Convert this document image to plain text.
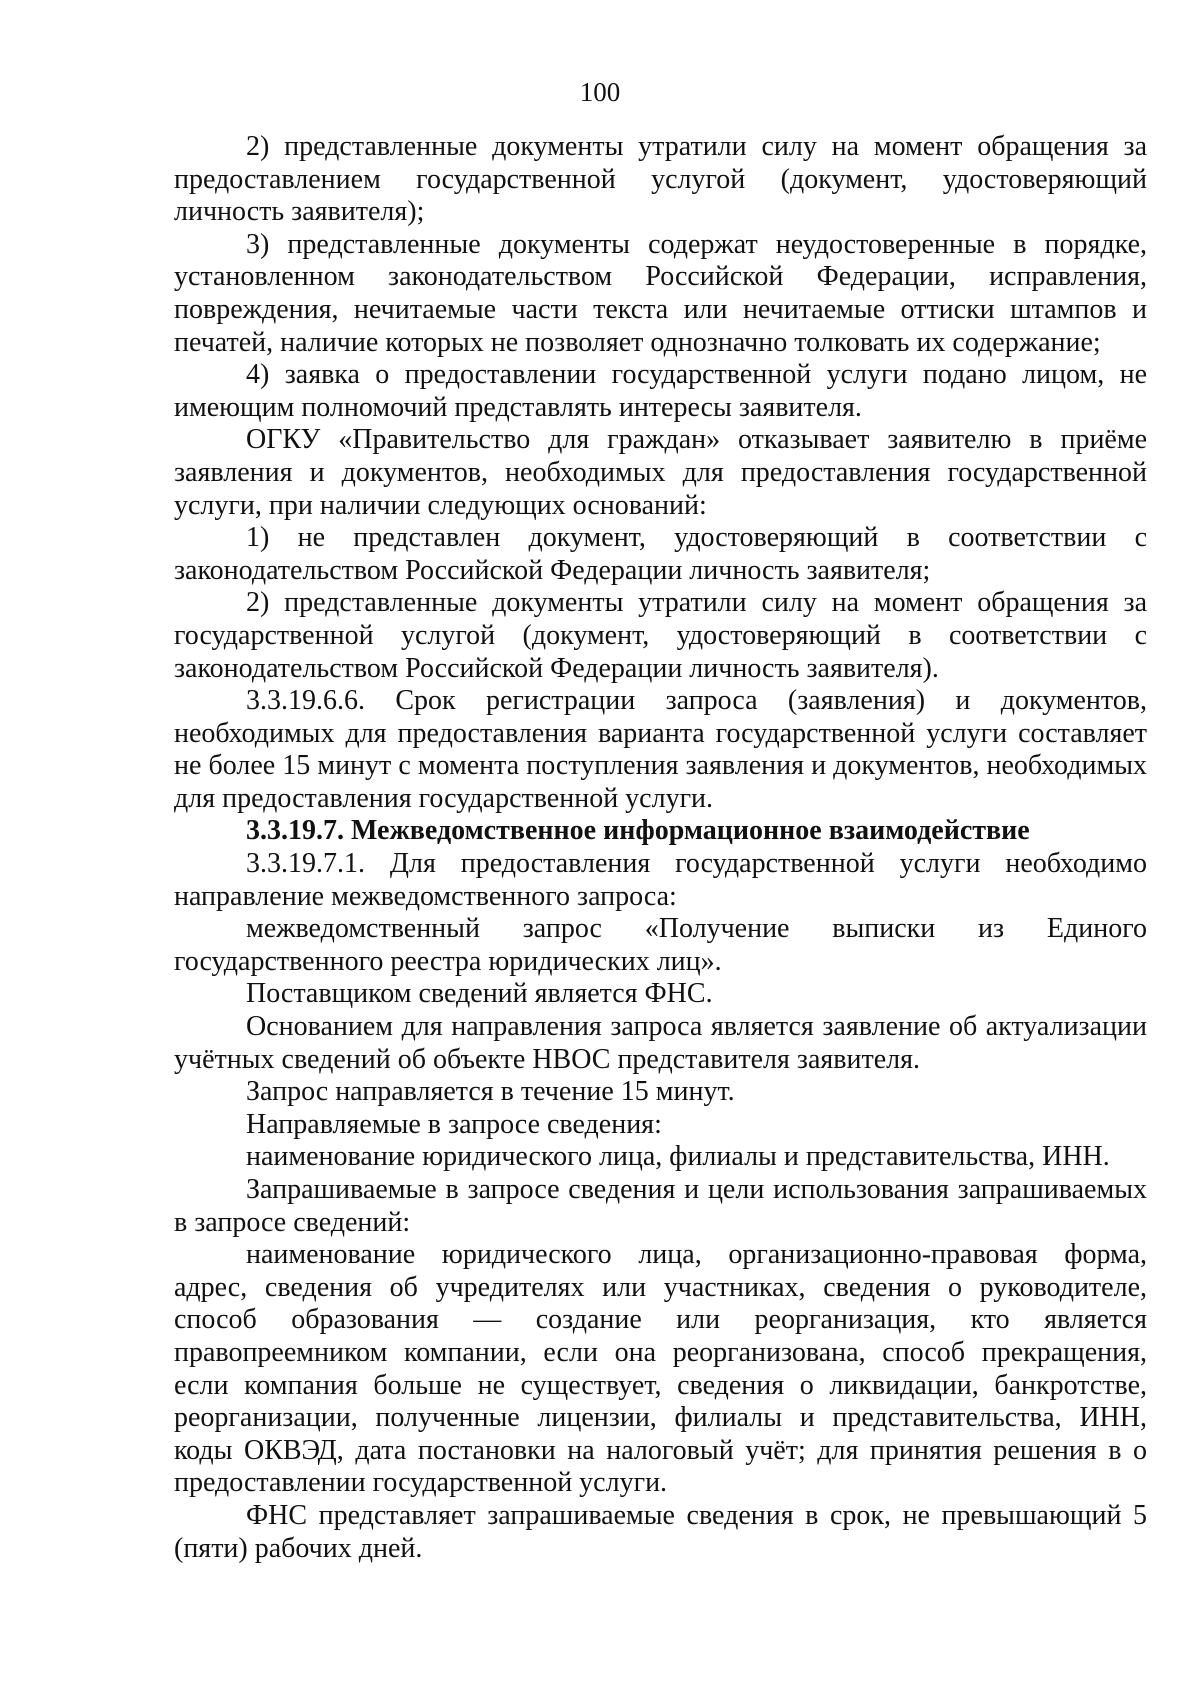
100

2) представленные документы утратили силу на момент обращения за предоставлением государственной услугой (документ, удостоверяющий личность заявителя);

3) представленные документы содержат неудостоверенные в порядке, установленном законодательством Российской Федерации, исправления, повреждения, нечитаемые части текста или нечитаемые оттиски штампов и печатей, наличие которых не позволяет однозначно толковать их содержание;

4) заявка о предоставлении государственной услуги подано лицом, не имеющим полномочий представлять интересы заявителя.

ОГКУ «Правительство для граждан» отказывает заявителю в приёме заявления и документов, необходимых для предоставления государственной услуги, при наличии следующих оснований:

1) не представлен документ, удостоверяющий в соответствии с законодательством Российской Федерации личность заявителя;

2) представленные документы утратили силу на момент обращения за государственной услугой (документ, удостоверяющий в соответствии с законодательством Российской Федерации личность заявителя).

3.3.19.6.6. Срок регистрации запроса (заявления) и документов, необходимых для предоставления варианта государственной услуги составляет не более 15 минут с момента поступления заявления и документов, необходимых для предоставления государственной услуги.

3.3.19.7. Межведомственное информационное взаимодействие

3.3.19.7.1. Для предоставления государственной услуги необходимо направление межведомственного запроса:

межведомственный запрос «Получение выписки из Единого государственного реестра юридических лиц».

Поставщиком сведений является ФНС.

Основанием для направления запроса является заявление об актуализации учётных сведений об объекте НВОС представителя заявителя.

Запрос направляется в течение 15 минут.

Направляемые в запросе сведения:

наименование юридического лица, филиалы и представительства, ИНН.

Запрашиваемые в запросе сведения и цели использования запрашиваемых в запросе сведений:

наименование юридического лица, организационно-правовая форма, адрес, сведения об учредителях или участниках, сведения о руководителе, способ образования — создание или реорганизация, кто является правопреемником компании, если она реорганизована, способ прекращения, если компания больше не существует, сведения о ликвидации, банкротстве, реорганизации, полученные лицензии, филиалы и представительства, ИНН, коды ОКВЭД, дата постановки на налоговый учёт; для принятия решения в о предоставлении государственной услуги.

ФНС представляет запрашиваемые сведения в срок, не превышающий 5 (пяти) рабочих дней.
